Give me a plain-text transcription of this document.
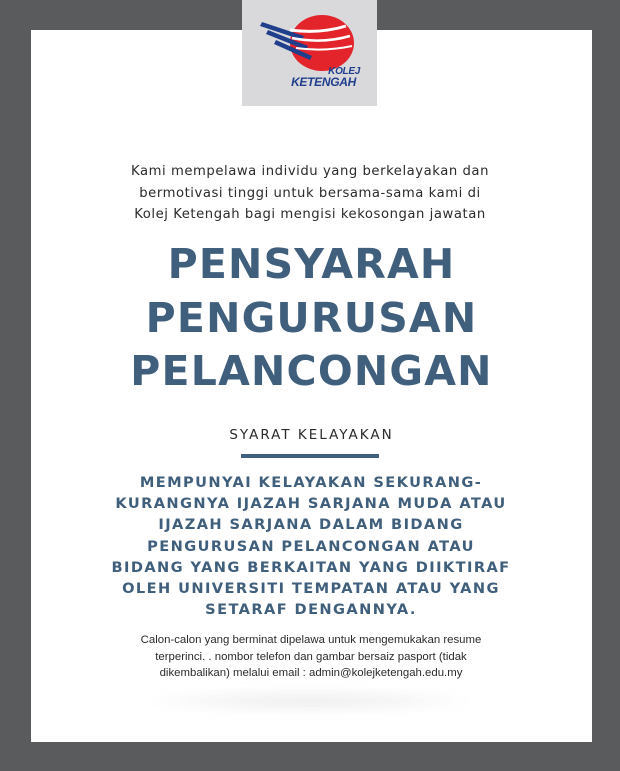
KOLEJ
KETENGAH
Kami mempelawa individu yang berkelayakan dan
bermotivasi tinggi untuk bersama-sama kami di
Kolej Ketengah bagi mengisi kekosongan jawatan
PENSYARAH
PENGURUSAN
PELANCONGAN
SYARAT KELAYAKAN
MEMPUNYAI KELAYAKAN SEKURANG-
KURANGNYA IJAZAH SARJANA MUDA ATAU
IJAZAH SARJANA DALAM BIDANG
PENGURUSAN PELANCONGAN ATAU
BIDANG YANG BERKAITAN YANG DIIKTIRAF
OLEH UNIVERSITI TEMPATAN ATAU YANG
SETARAF DENGANNYA.
Calon-calon yang berminat dipelawa untuk mengemukakan resume
terperinci. . nombor telefon dan gambar bersaiz pasport (tidak
dikembalikan) melalui email : admin@kolejketengah.edu.my
